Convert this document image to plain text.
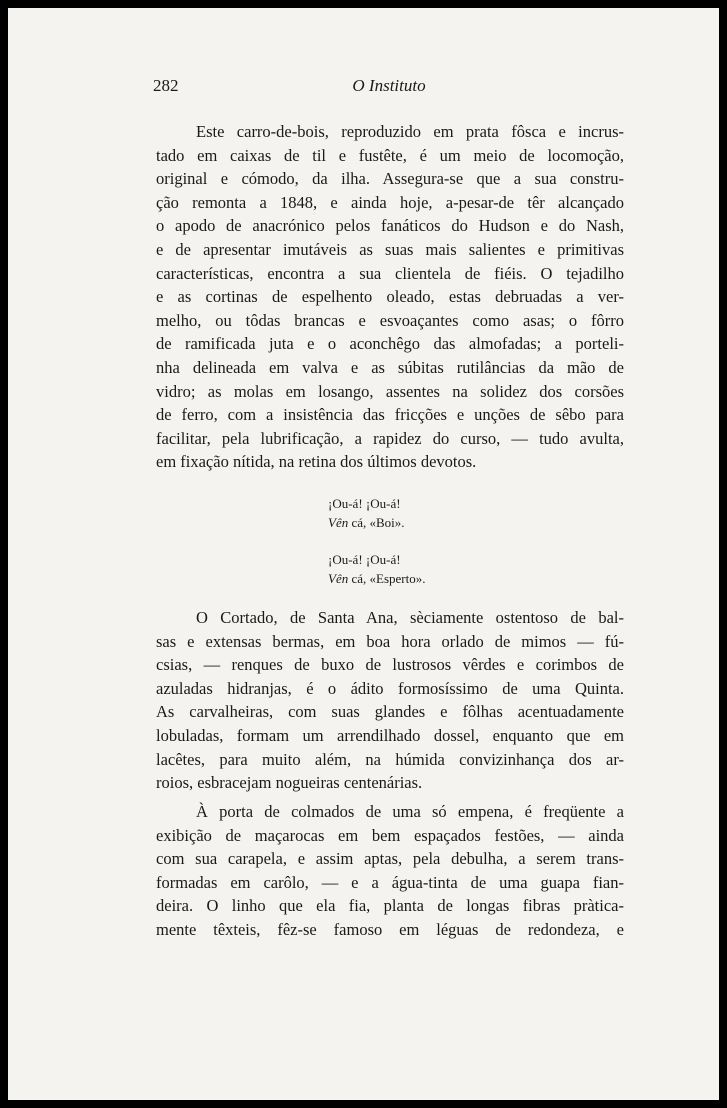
282	O Instituto
Este carro-de-bois, reproduzido em prata fôsca e incrus-
tado em caixas de til e fustête, é um meio de locomoção,
original e cómodo, da ilha. Assegura-se que a sua constru-
ção remonta a 1848, e ainda hoje, a-pesar-de têr alcançado
o apodo de anacrónico pelos fanáticos do Hudson e do Nash,
e de apresentar imutáveis as suas mais salientes e primitivas
características, encontra a sua clientela de fiéis. O tejadilho
e as cortinas de espelhento oleado, estas debruadas a ver-
melho, ou tôdas brancas e esvoaçantes como asas; o fôrro
de ramificada juta e o aconchêgo das almofadas; a porteli-
nha delineada em valva e as súbitas rutilâncias da mão de
vidro; as molas em losango, assentes na solidez dos corsões
de ferro, com a insistência das fricções e unções de sêbo para
facilitar, pela lubrificação, a rapidez do curso, — tudo avulta,
em fixação nítida, na retina dos últimos devotos.
¡Ou-á! ¡Ou-á!
Vên cá, «Boi».
¡Ou-á! ¡Ou-á!
Vên cá, «Esperto».
O Cortado, de Santa Ana, sèciamente ostentoso de bal-
sas e extensas bermas, em boa hora orlado de mimos — fú-
csias, — renques de buxo de lustrosos vêrdes e corimbos de
azuladas hidranjas, é o ádito formosíssimo de uma Quinta.
As carvalheiras, com suas glandes e fôlhas acentuadamente
lobuladas, formam um arrendilhado dossel, enquanto que em
lacêtes, para muito além, na húmida convizinhança dos ar-
roios, esbracejam nogueiras centenárias.
À porta de colmados de uma só empena, é freqüente a
exibição de maçarocas em bem espaçados festões, — ainda
com sua carapela, e assim aptas, pela debulha, a serem trans-
formadas em carôlo, — e a água-tinta de uma guapa fian-
deira. O linho que ela fia, planta de longas fibras pràtica-
mente têxteis, fêz-se famoso em léguas de redondeza, e
